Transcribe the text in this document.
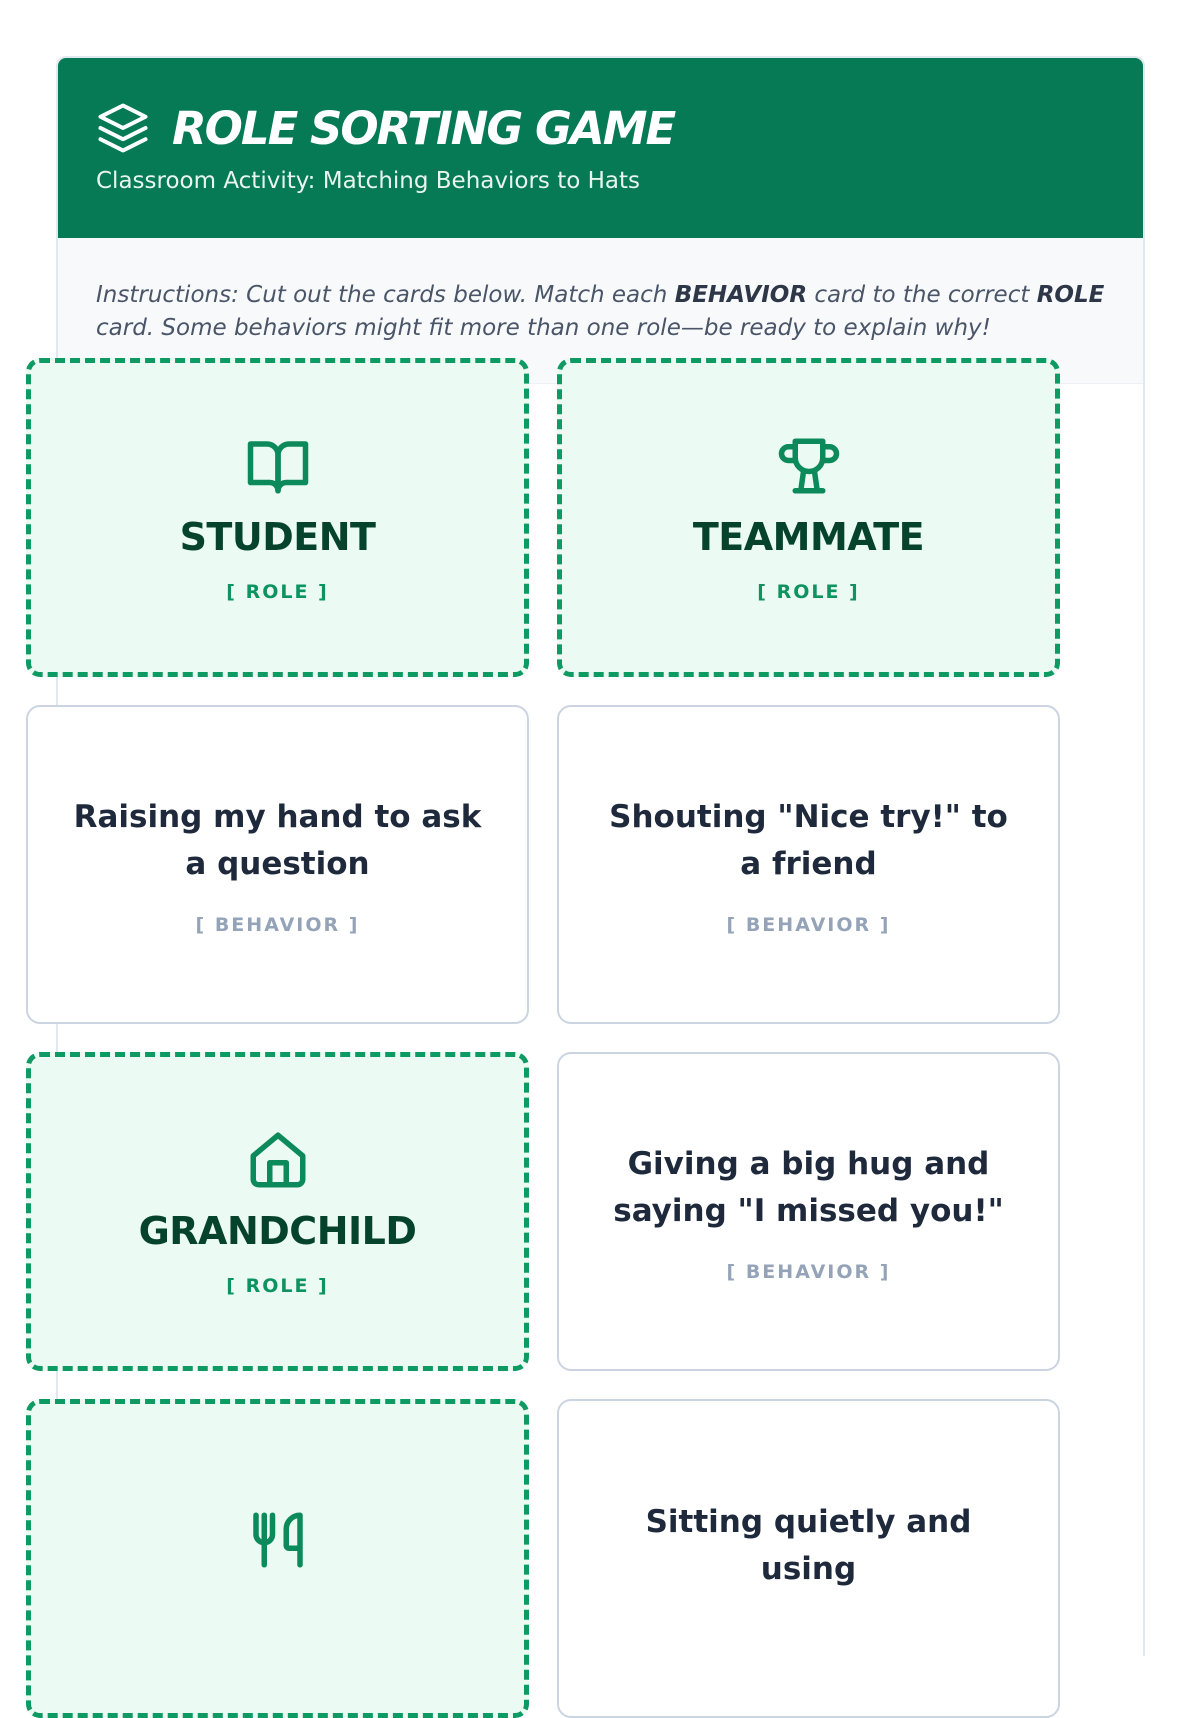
ROLE SORTING GAME
Classroom Activity: Matching Behaviors to Hats
Instructions: Cut out the cards below. Match each BEHAVIOR card to the correct ROLE card. Some behaviors might fit more than one role—be ready to explain why!
STUDENT
[ ROLE ]
TEAMMATE
[ ROLE ]
Raising my hand to ask a question
[ BEHAVIOR ]
Shouting "Nice try!" to a friend
[ BEHAVIOR ]
GRANDCHILD
[ ROLE ]
Giving a big hug and saying "I missed you!"
[ BEHAVIOR ]
Sitting quietly and using
